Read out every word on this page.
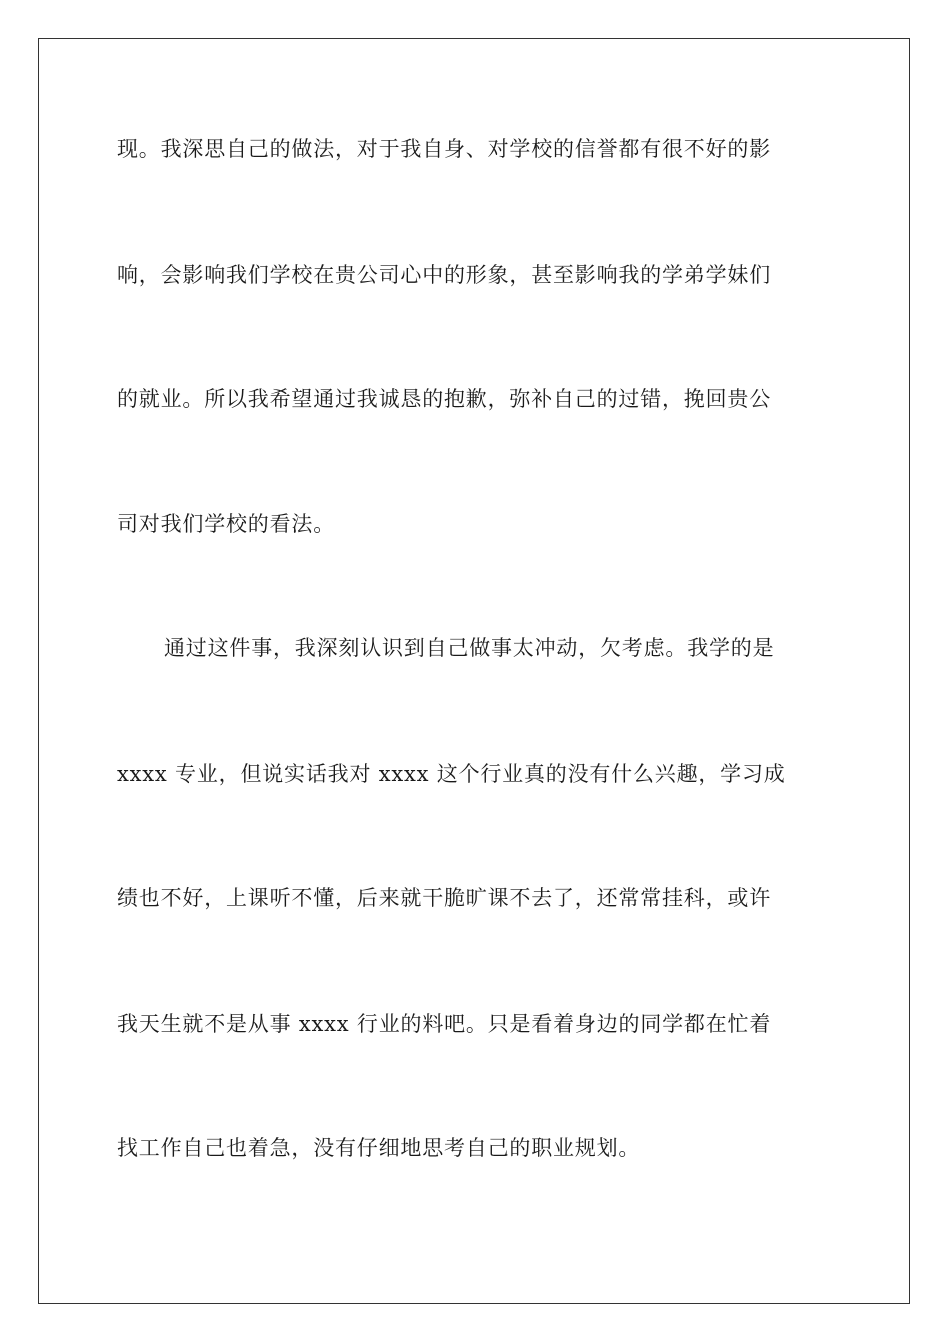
现。我深思自己的做法，对于我自身、对学校的信誉都有很不好的影
响，会影响我们学校在贵公司心中的形象，甚至影响我的学弟学妹们
的就业。所以我希望通过我诚恳的抱歉，弥补自己的过错，挽回贵公
司对我们学校的看法。
通过这件事，我深刻认识到自己做事太冲动，欠考虑。我学的是
xxxx 专业，但说实话我对 xxxx 这个行业真的没有什么兴趣，学习成
绩也不好，上课听不懂，后来就干脆旷课不去了，还常常挂科，或许
我天生就不是从事 xxxx 行业的料吧。只是看着身边的同学都在忙着
找工作自己也着急，没有仔细地思考自己的职业规划。
